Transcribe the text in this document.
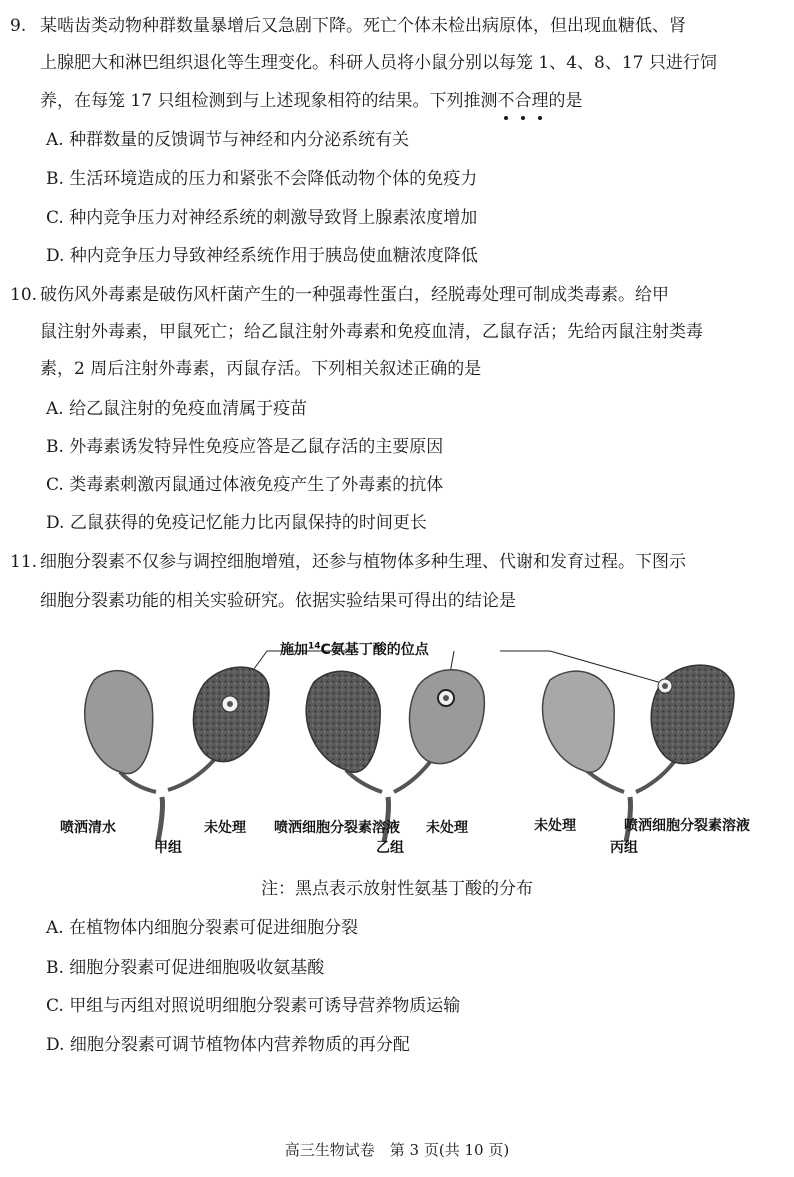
9. 某啮齿类动物种群数量暴增后又急剧下降。死亡个体未检出病原体，但出现血糖低、肾
上腺肥大和淋巴组织退化等生理变化。科研人员将小鼠分别以每笼 1、4、8、17 只进行饲
养，在每笼 17 只组检测到与上述现象相符的结果。下列推测不
合
理
的是
A. 种群数量的反馈调节与神经和内分泌系统有关
B. 生活环境造成的压力和紧张不会降低动物个体的免疫力
C. 种内竞争压力对神经系统的刺激导致肾上腺素浓度增加
D. 种内竞争压力导致神经系统作用于胰岛使血糖浓度降低
10. 破伤风外毒素是破伤风杆菌产生的一种强毒性蛋白，经脱毒处理可制成类毒素。给甲
鼠注射外毒素，甲鼠死亡；给乙鼠注射外毒素和免疫血清，乙鼠存活；先给丙鼠注射类毒
素，2 周后注射外毒素，丙鼠存活。下列相关叙述正确的是
A. 给乙鼠注射的免疫血清属于疫苗
B. 外毒素诱发特异性免疫应答是乙鼠存活的主要原因
C. 类毒素刺激丙鼠通过体液免疫产生了外毒素的抗体
D. 乙鼠获得的免疫记忆能力比丙鼠保持的时间更长
11. 细胞分裂素不仅参与调控细胞增殖，还参与植物体多种生理、代谢和发育过程。下图示
细胞分裂素功能的相关实验研究。依据实验结果可得出的结论是
施加$^{14}$C氨基丁酸的位点
喷洒清水	未处理
甲组
喷洒细胞分裂素溶液 未处理
乙组
未处理	喷洒细胞分裂素溶液
丙组
注：黑点表示放射性氨基丁酸的分布
A. 在植物体内细胞分裂素可促进细胞分裂
B. 细胞分裂素可促进细胞吸收氨基酸
C. 甲组与丙组对照说明细胞分裂素可诱导营养物质运输
D. 细胞分裂素可调节植物体内营养物质的再分配
高三生物试卷　第 3 页(共 10 页)
